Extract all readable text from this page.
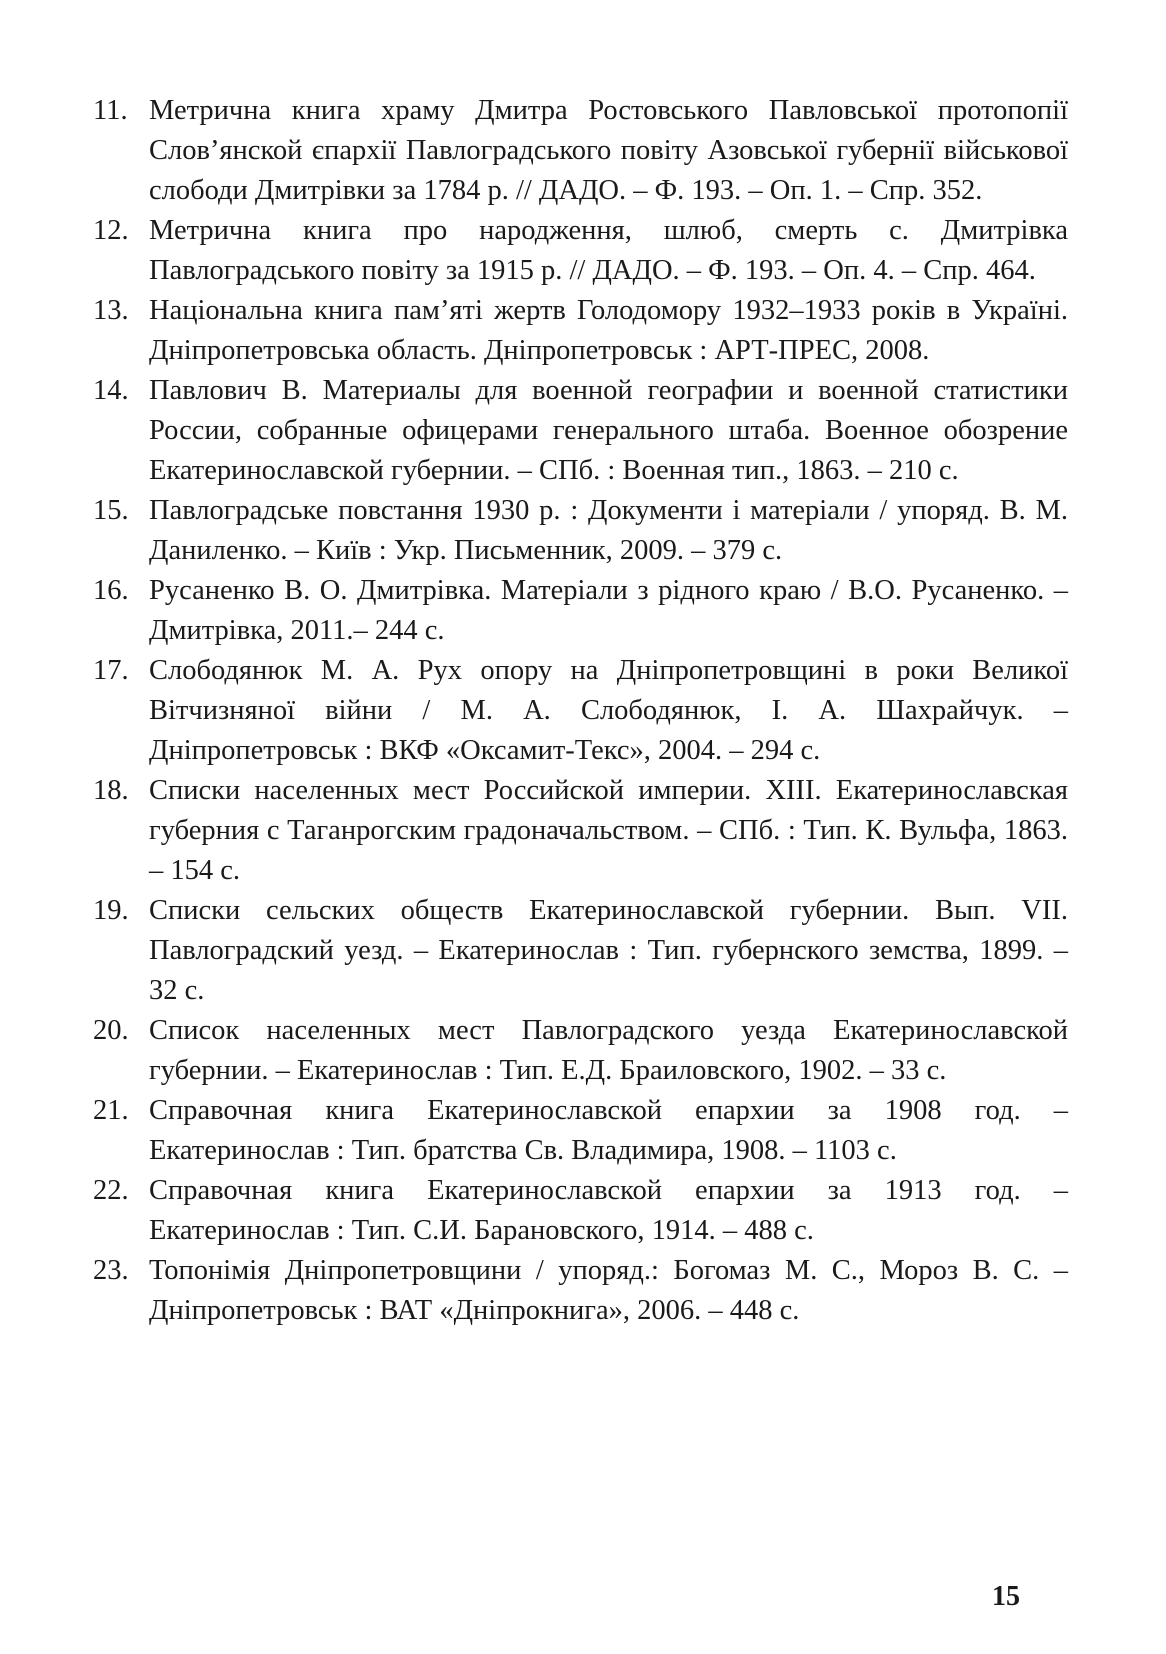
11. Метрична книга храму Дмитра Ростовського Павловської протопопії Слов’янской єпархії Павлоградського повіту Азовської губернії військової слободи Дмитрівки за 1784 р. // ДАДО. – Ф. 193. – Оп. 1. – Спр. 352.
12. Метрична книга про народження, шлюб, смерть с. Дмитрівка Павлоградського повіту за 1915 р. // ДАДО. – Ф. 193. – Оп. 4. – Спр. 464.
13. Національна книга пам’яті жертв Голодомору 1932–1933 років в Україні. Дніпропетровська область. Дніпропетровськ : АРТ-ПРЕС, 2008.
14. Павлович В. Материалы для военной географии и военной статистики России, собранные офицерами генерального штаба. Военное обозрение Екатеринославской губернии. – СПб. : Военная тип., 1863. – 210 с.
15. Павлоградське повстання 1930 р. : Документи і матеріали / упоряд. В. М. Даниленко. – Київ : Укр. Письменник, 2009. – 379 с.
16. Русаненко В. О. Дмитрівка. Матеріали з рідного краю / В.О. Русаненко. – Дмитрівка, 2011.– 244 с.
17. Слободянюк М. А. Рух опору на Дніпропетровщині в роки Великої Вітчизняної війни / М. А. Слободянюк, І. А. Шахрайчук. – Дніпропетровськ : ВКФ «Оксамит-Текс», 2004. – 294 с.
18. Списки населенных мест Российской империи. XIII. Екатеринославская губерния с Таганрогским градоначальством. – СПб. : Тип. К. Вульфа, 1863. – 154 с.
19. Списки сельских обществ Екатеринославской губернии. Вып. VII. Павлоградский уезд. – Екатеринослав : Тип. губернского земства, 1899. – 32 с.
20. Список населенных мест Павлоградского уезда Екатеринославской губернии. – Екатеринослав : Тип. Е.Д. Браиловского, 1902. – 33 с.
21. Справочная книга Екатеринославской епархии за 1908 год. – Екатеринослав : Тип. братства Св. Владимира, 1908. – 1103 с.
22. Справочная книга Екатеринославской епархии за 1913 год. – Екатеринослав : Тип. С.И. Барановского, 1914. – 488 с.
23. Топонімія Дніпропетровщини / упоряд.: Богомаз М. С., Мороз В. С. – Дніпропетровськ : ВАТ «Дніпрокнига», 2006. – 448 с.
15
